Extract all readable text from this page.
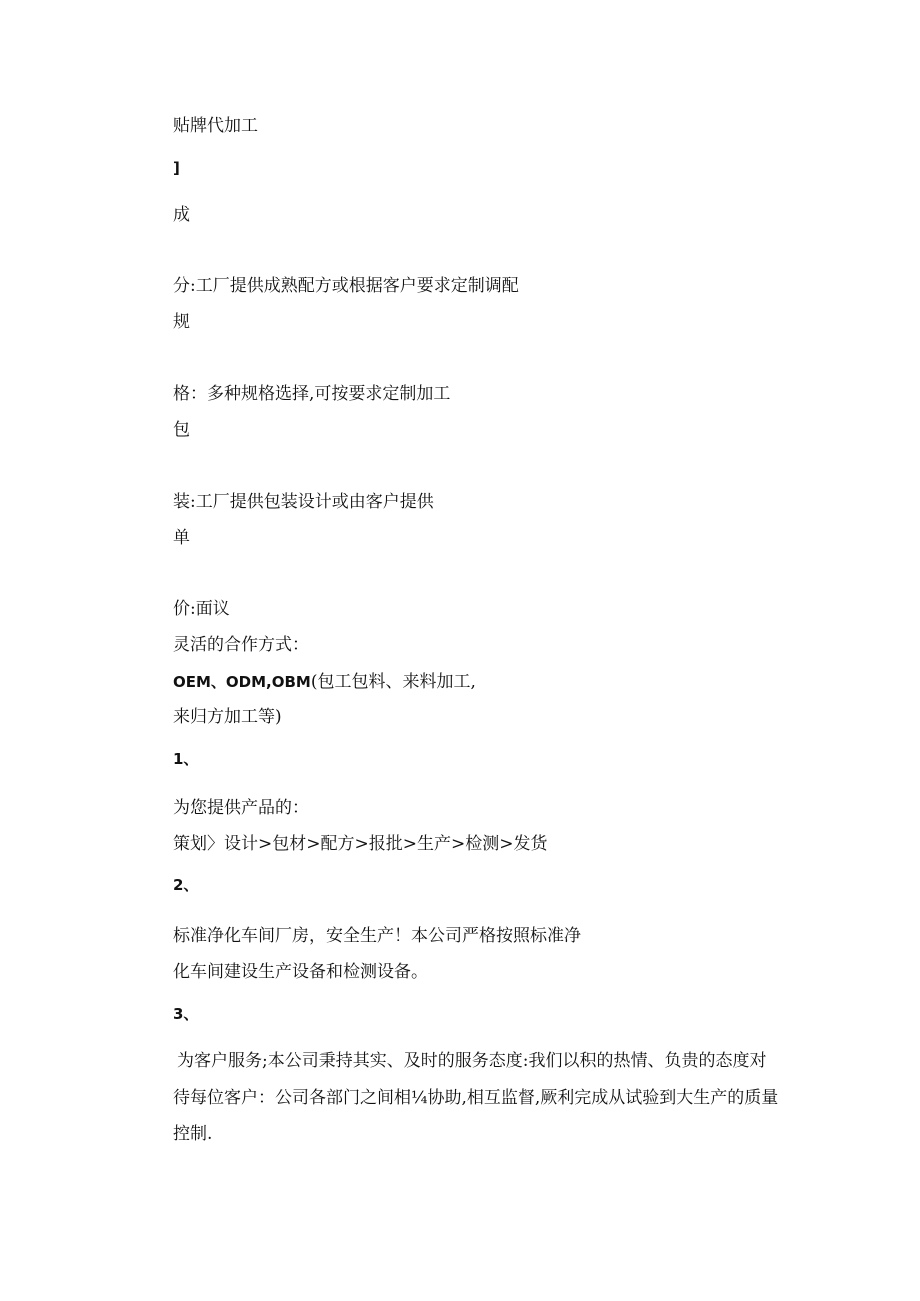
贴牌代加工

]

成

分:工厂提供成熟配方或根据客户要求定制调配

规

格：多种规格选择,可按要求定制加工

包

装:工厂提供包装设计或由客户提供

单

价:面议

灵活的合作方式：

OEM、ODM,OBM(包工包料、来料加工,

来归方加工等)

1、

为您提供产品的：

策划〉设计>包材>配方>报批>生产>检测>发货

2、

标准净化车间厂房，安全生产！本公司严格按照标准净

化车间建设生产设备和检测设备。

3、

为客户服务;本公司秉持其实、及时的服务态度:我们以积的热情、负贵的态度对

待每位客户：公司各部门之间相¼协助,相互监督,厥利完成从试验到大生产的质量

控制.
